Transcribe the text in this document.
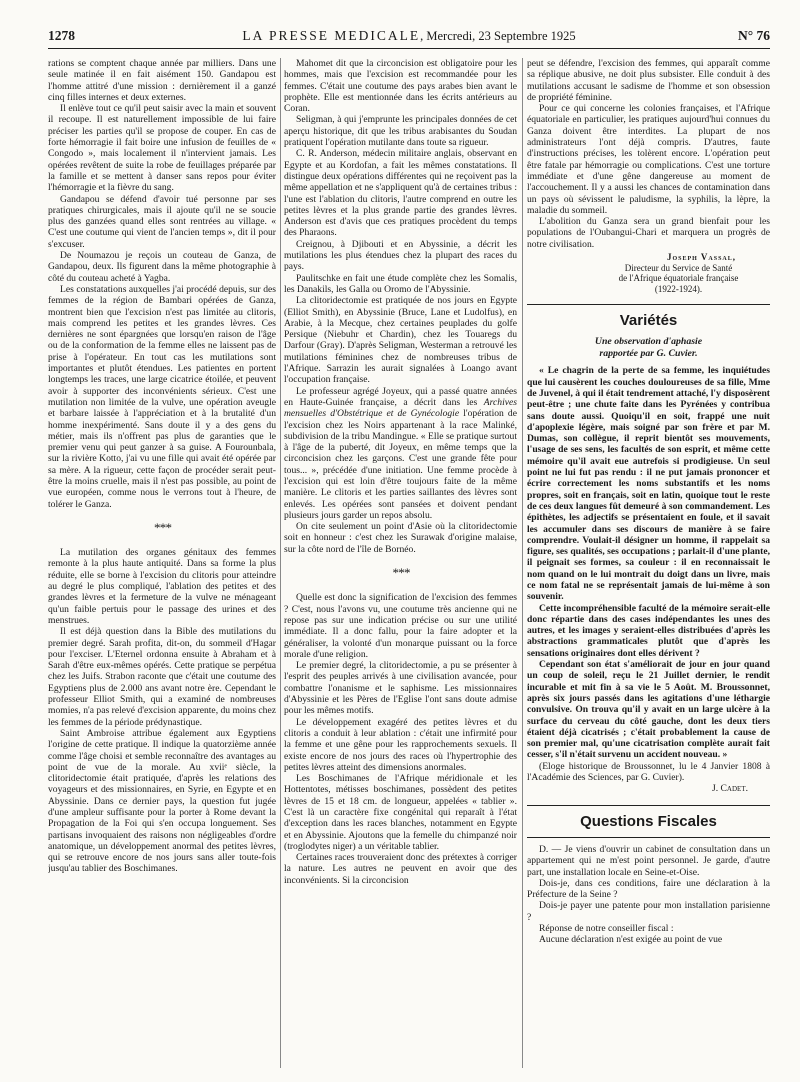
1278	LA PRESSE MEDICALE, Mercredi, 23 Septembre 1925	N° 76

rations se comptent chaque année par milliers. Dans une seule matinée il en fait aisément 150. Gandapou est l'homme attitré d'une mission : dernièrement il a ganzé cinq filles internes et deux externes.

Il enlève tout ce qu'il peut saisir avec la main et souvent il recoupe. Il est naturellement impossible de lui faire préciser les parties qu'il se propose de couper. En cas de forte hémorragie il fait boire une infusion de feuilles de « Congodo », mais localement il n'intervient jamais. Les opérées revêtent de suite la robe de feuillages préparée par la famille et se mettent à danser sans repos pour éviter l'hémorragie et la fièvre du sang.

Gandapou se défend d'avoir tué personne par ses pratiques chirurgicales, mais il ajoute qu'il ne se soucie plus des ganzées quand elles sont rentrées au village. « C'est une coutume qui vient de l'ancien temps », dit il pour s'excuser.

De Noumazou je reçois un couteau de Ganza, de Gandapou, deux. Ils figurent dans la même photographie à côté du couteau acheté à Yagba.

Les constatations auxquelles j'ai procédé depuis, sur des femmes de la région de Bambari opérées de Ganza, montrent bien que l'excision n'est pas limitée au clitoris, mais comprend les petites et les grandes lèvres. Ces dernières ne sont épargnées que lorsqu'en raison de l'âge ou de la conformation de la femme elles ne laissent pas de prise à l'opérateur. En tout cas les mutilations sont importantes et plutôt étendues. Les patientes en portent longtemps les traces, une large cicatrice étoilée, et peuvent avoir à supporter des inconvénients sérieux. C'est une mutilation non limitée de la vulve, une opération aveugle et barbare laissée à l'appréciation et à la brutalité d'un homme inexpérimenté. Sans doute il y a des gens du métier, mais ils n'offrent pas plus de garanties que le premier venu qui peut ganzer à sa guise. A Fourounbala, sur la rivière Kotto, j'ai vu une fille qui avait été opérée par sa mère. A la rigueur, cette façon de procéder serait peut-être la moins cruelle, mais il n'est pas possible, au point de vue européen, comme nous le verrons tout à l'heure, de tolérer le Ganza.

* * *

La mutilation des organes génitaux des femmes remonte à la plus haute antiquité. Dans sa forme la plus réduite, elle se borne à l'excision du clitoris pour atteindre au degré le plus compliqué, l'ablation des petites et des grandes lèvres et la fermeture de la vulve ne ménageant qu'un faible pertuis pour le passage des urines et des menstrues.

Il est déjà question dans la Bible des mutilations du premier degré. Sarah profita, dit-on, du sommeil d'Hagar pour l'exciser. L'Eternel ordonna ensuite à Abraham et à Sarah d'être eux-mêmes opérés. Cette pratique se perpétua chez les Juifs. Strabon raconte que c'était une coutume des Egyptiens plus de 2.000 ans avant notre ère. Cependant le professeur Elliot Smith, qui a examiné de nombreuses momies, n'a pas relevé d'excision apparente, du moins chez les femmes de la période prédynastique.

Saint Ambroise attribue également aux Egyptiens l'origine de cette pratique. Il indique la quatorzième année comme l'âge choisi et semble reconnaître des avantages au point de vue de la morale. Au xviiᵉ siècle, la clitoridectomie était pratiquée, d'après les relations des voyageurs et des missionnaires, en Syrie, en Egypte et en Abyssinie. Dans ce dernier pays, la question fut jugée d'une ampleur suffisante pour la porter à Rome devant la Propagation de la Foi qui s'en occupa longuement. Ses partisans invoquaient des raisons non négligeables d'ordre anatomique, un développement anormal des petites lèvres, qui se retrouve encore de nos jours sans aller toute-fois jusqu'au tablier des Boschimanes.

Mahomet dit que la circoncision est obligatoire pour les hommes, mais que l'excision est recommandée pour les femmes. C'était une coutume des pays arabes bien avant le prophète. Elle est mentionnée dans les écrits antérieurs au Coran.

Seligman, à qui j'emprunte les principales données de cet aperçu historique, dit que les tribus arabisantes du Soudan pratiquent l'opération mutilante dans toute sa rigueur.

C. R. Anderson, médecin militaire anglais, observant en Egypte et au Kordofan, a fait les mêmes constatations. Il distingue deux opérations différentes qui ne reçoivent pas la même appellation et ne s'appliquent qu'à de certaines tribus : l'une est l'ablation du clitoris, l'autre comprend en outre les petites lèvres et la plus grande partie des grandes lèvres. Anderson est d'avis que ces pratiques procèdent du temps des Pharaons.

Creignou, à Djibouti et en Abyssinie, a décrit les mutilations les plus étendues chez la plupart des races du pays.

Paulitschke en fait une étude complète chez les Somalis, les Danakils, les Galla ou Oromo de l'Abyssinie.

La clitoridectomie est pratiquée de nos jours en Egypte (Elliot Smith), en Abyssinie (Bruce, Lane et Ludolfus), en Arabie, à la Mecque, chez certaines peuplades du golfe Persique (Niebuhr et Chardin), chez les Touaregs du Darfour (Gray). D'après Seligman, Westerman a retrouvé les mutilations féminines chez de nombreuses tribus de l'Afrique. Sarrazin les aurait signalées à Loango avant l'occupation française.

Le professeur agrégé Joyeux, qui a passé quatre années en Haute-Guinée française, a décrit dans les Archives mensuelles d'Obstétrique et de Gynécologie l'opération de l'excision chez les Noirs appartenant à la race Malinké, subdivision de la tribu Mandingue. « Elle se pratique surtout à l'âge de la puberté, dit Joyeux, en même temps que la circoncision chez les garçons. C'est une grande fête pour tous... », précédée d'une initiation. Une femme procède à l'excision qui est loin d'être toujours faite de la même manière. Le clitoris et les parties saillantes des lèvres sont enlevés. Les opérées sont pansées et doivent pendant plusieurs jours garder un repos absolu.

On cite seulement un point d'Asie où la clitoridectomie soit en honneur : c'est chez les Surawak d'origine malaise, sur la côte nord de l'île de Bornéo.

* * *

Quelle est donc la signification de l'excision des femmes ? C'est, nous l'avons vu, une coutume très ancienne qui ne repose pas sur une indication précise ou sur une utilité immédiate. Il a donc fallu, pour la faire adopter et la généraliser, la volonté d'un monarque puissant ou la force morale d'une religion.

Le premier degré, la clitoridectomie, a pu se présenter à l'esprit des peuples arrivés à une civilisation avancée, pour combattre l'onanisme et le saphisme. Les missionnaires d'Abyssinie et les Pères de l'Eglise l'ont sans doute admise pour les mêmes motifs.

Le développement exagéré des petites lèvres et du clitoris a conduit à leur ablation : c'était une infirmité pour la femme et une gêne pour les rapprochements sexuels. Il existe encore de nos jours des races où l'hypertrophie des petites lèvres atteint des dimensions anormales.

Les Boschimanes de l'Afrique méridionale et les Hottentotes, métisses boschimanes, possèdent des petites lèvres de 15 et 18 cm. de longueur, appelées « tablier ». C'est là un caractère fixe congénital qui reparaît à l'état d'exception dans les races blanches, notamment en Egypte et en Abyssinie. Ajoutons que la femelle du chimpanzé noir (troglodytes niger) a un véritable tablier.

Certaines races trouveraient donc des prétextes à corriger la nature. Les autres ne peuvent en avoir que des inconvénients. Si la circoncision

peut se défendre, l'excision des femmes, qui apparaît comme sa réplique abusive, ne doit plus subsister. Elle conduit à des mutilations accusant le sadisme de l'homme et son obsession de propriété féminine.

Pour ce qui concerne les colonies françaises, et l'Afrique équatoriale en particulier, les pratiques aujourd'hui connues du Ganza doivent être interdites. La plupart de nos administrateurs l'ont déjà compris. D'autres, faute d'instructions précises, les tolèrent encore. L'opération peut être fatale par hémorragie ou complications. C'est une torture immédiate et d'une gêne dangereuse au moment de l'accouchement. Il y a aussi les chances de contamination dans un pays où sévissent le paludisme, la syphilis, la lèpre, la maladie du sommeil.

L'abolition du Ganza sera un grand bienfait pour les populations de l'Oubangui-Chari et marquera un progrès de notre civilisation.

Joseph Vassal,
Directeur du Service de Santé
de l'Afrique équatoriale française
(1922-1924).
Variétés
Une observation d'aphasie
rapportée par G. Cuvier.

« Le chagrin de la perte de sa femme, les inquiétudes que lui causèrent les couches douloureuses de sa fille, Mme de Juvenel, à qui il était tendrement attaché, l'y disposèrent peut-être ; une chute faite dans les Pyrénées y contribua sans doute aussi. Quoiqu'il en soit, frappé une nuit d'apoplexie légère, mais soigné par son frère et par M. Dumas, son collègue, il reprit bientôt ses mouvements, l'usage de ses sens, les facultés de son esprit, et même cette mémoire qu'il avait eue autrefois si prodigieuse. Un seul point ne lui fut pas rendu : il ne put jamais prononcer et écrire correctement les noms substantifs et les noms propres, soit en français, soit en latin, quoique tout le reste de ces deux langues fût demeuré à son commandement. Les épithètes, les adjectifs se présentaient en foule, et il savait les accumuler dans ses discours de manière à se faire comprendre. Voulait-il désigner un homme, il rappelait sa figure, ses qualités, ses occupations ; parlait-il d'une plante, il peignait ses formes, sa couleur : il en reconnaissait le nom quand on le lui montrait du doigt dans un livre, mais ce nom fatal ne se représentait jamais de lui-même à son souvenir.

Cette incompréhensible faculté de la mémoire serait-elle donc répartie dans des cases indépendantes les unes des autres, et les images y seraient-elles distribuées d'après les abstractions grammaticales plutôt que d'après les sensations originaires dont elles dérivent ?

Cependant son état s'améliorait de jour en jour quand un coup de soleil, reçu le 21 Juillet dernier, le rendit incurable et mit fin à sa vie le 5 Août. M. Broussonnet, après six jours passés dans les agitations d'une léthargie convulsive. On trouva qu'il y avait en un large ulcère à la surface du cerveau du côté gauche, dont les deux tiers étaient déjà cicatrisés ; c'était probablement la cause de son premier mal, qu'une cicatrisation complète aurait fait cesser, s'il n'était survenu un accident nouveau. »

(Eloge historique de Broussonnet, lu le 4 Janvier 1808 à l'Académie des Sciences, par G. Cuvier).

J. Cadet.
Questions Fiscales

D. — Je viens d'ouvrir un cabinet de consultation dans un appartement qui ne m'est point personnel. Je garde, d'autre part, une installation locale en Seine-et-Oise.

Dois-je, dans ces conditions, faire une déclaration à la Préfecture de la Seine ?

Dois-je payer une patente pour mon installation parisienne ?

Réponse de notre conseiller fiscal :

Aucune déclaration n'est exigée au point de vue
